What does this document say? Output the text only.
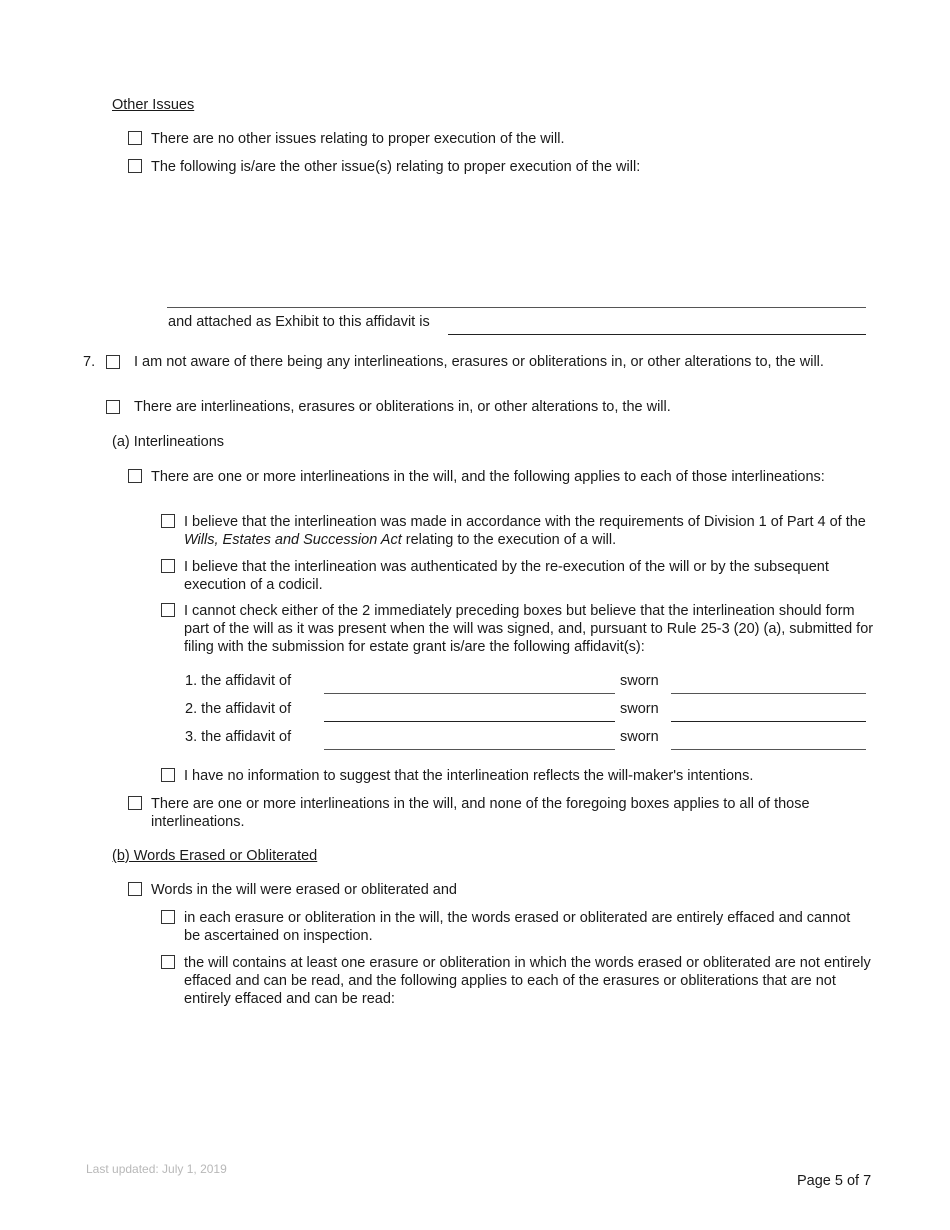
Other Issues
There are no other issues relating to proper execution of the will.
The following is/are the other issue(s) relating to proper execution of the will:
and attached as Exhibit to this affidavit is
7.	I am not aware of there being any interlineations, erasures or obliterations in, or other alterations to, the will.
There are interlineations, erasures or obliterations in, or other alterations to, the will.
(a) Interlineations
There are one or more interlineations in the will, and the following applies to each of those interlineations:
I believe that the interlineation was made in accordance with the requirements of Division 1 of Part 4 of the Wills, Estates and Succession Act relating to the execution of a will.
I believe that the interlineation was authenticated by the re-execution of the will or by the subsequent execution of a codicil.
I cannot check either of the 2 immediately preceding boxes but believe that the interlineation should form part of the will as it was present when the will was signed, and, pursuant to Rule 25-3 (20) (a), submitted for filing with the submission for estate grant is/are the following affidavit(s):
1. the affidavit of	sworn
2. the affidavit of	sworn
3. the affidavit of	sworn
I have no information to suggest that the interlineation reflects the will-maker's intentions.
There are one or more interlineations in the will, and none of the foregoing boxes applies to all of those interlineations.
(b) Words Erased or Obliterated
Words in the will were erased or obliterated and
in each erasure or obliteration in the will, the words erased or obliterated are entirely effaced and cannot be ascertained on inspection.
the will contains at least one erasure or obliteration in which the words erased or obliterated are not entirely effaced and can be read, and the following applies to each of the erasures or obliterations that are not entirely effaced and can be read:
Last updated: July 1, 2019
Page 5 of 7
